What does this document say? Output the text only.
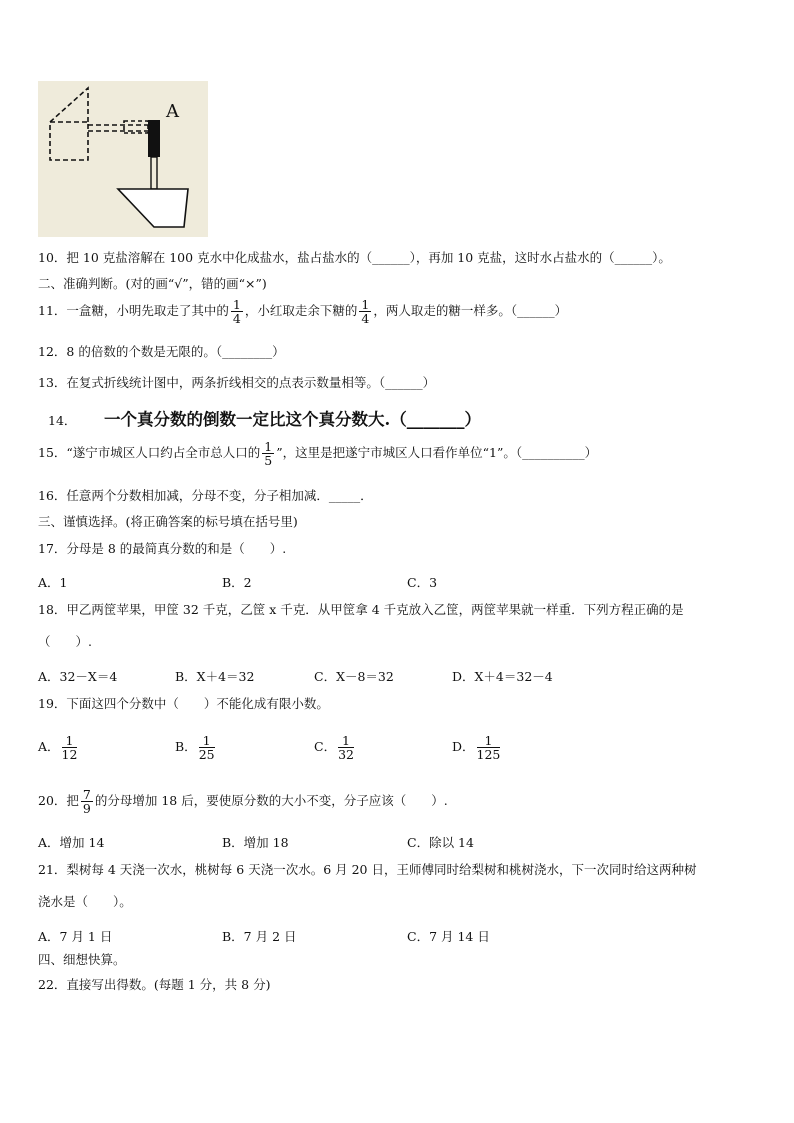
A
10．把 10 克盐溶解在 100 克水中化成盐水，盐占盐水的（______），再加 10 克盐，这时水占盐水的（______）。
二、准确判断。(对的画“√”，错的画“×”)
11．一盒糖，小明先取走了其中的 $\frac{1}{4}$ ，小红取走余下糖的 $\frac{1}{4}$ ，两人取走的糖一样多。（______）
12．8 的倍数的个数是无限的。（________）
13．在复式折线统计图中，两条折线相交的点表示数量相等。（______）
14． 一个真分数的倒数一定比这个真分数大.（_______）
15．“遂宁市城区人口约占全市总人口的 $\frac{1}{5}$ ”，这里是把遂宁市城区人口看作单位“1”。（__________）
16．任意两个分数相加减，分母不变，分子相加减．_____．
三、谨慎选择。(将正确答案的标号填在括号里)
17．分母是 8 的最简真分数的和是（　　）.
A．1	B．2	C．3
18．甲乙两筐苹果，甲筐 32 千克，乙筐 x 千克．从甲筐拿 4 千克放入乙筐，两筐苹果就一样重．下列方程正确的是
（　　）.
A．32－X＝4	B．X＋4＝32	C．X－8＝32	D．X＋4＝32－4
19．下面这四个分数中（　　）不能化成有限小数。
A． $\frac{1}{12}$	B． $\frac{1}{25}$	C． $\frac{1}{32}$	D． $\frac{1}{125}$
20．把 $\frac{7}{9}$ 的分母增加 18 后，要使原分数的大小不变，分子应该（　　）.
A．增加 14	B．增加 18	C．除以 14
21．梨树每 4 天浇一次水，桃树每 6 天浇一次水。6 月 20 日，王师傅同时给梨树和桃树浇水，下一次同时给这两种树
浇水是（　　）。
A．7 月 1 日	B．7 月 2 日	C．7 月 14 日
四、细想快算。
22．直接写出得数。(每题 1 分，共 8 分)
